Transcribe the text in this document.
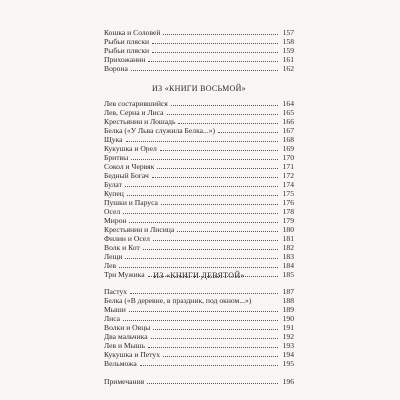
Кошка и Соловей	157
Рыбьи пляски	158
Рыбьи пляски	159
Прихожанин	161
Ворона	162
ИЗ «КНИГИ ВОСЬМОЙ»
Лев состарившийся	164
Лев, Серна и Лиса	165
Крестьянин и Лошадь	166
Белка («У Льва служила Белка...»)	167
Щука	168
Кукушка и Орел	169
Бритвы	170
Сокол и Червяк	171
Бедный Богач	172
Булат	174
Купец	175
Пушки и Паруса	176
Осел	178
Мирон	179
Крестьянин и Лисица	180
Филин и Осел	181
Волк и Кот	182
Лещи	183
Лев	184
Три Мужика	185
ИЗ «КНИГИ ДЕВЯТОЙ»
Пастух	187
Белка («В деревне, в праздник, под окном...»)	188
Мыши	189
Лиса	190
Волки и Овцы	191
Два мальчика	192
Лев и Мышь	193
Кукушка и Петух	194
Вельможа	195
Примечания	196
